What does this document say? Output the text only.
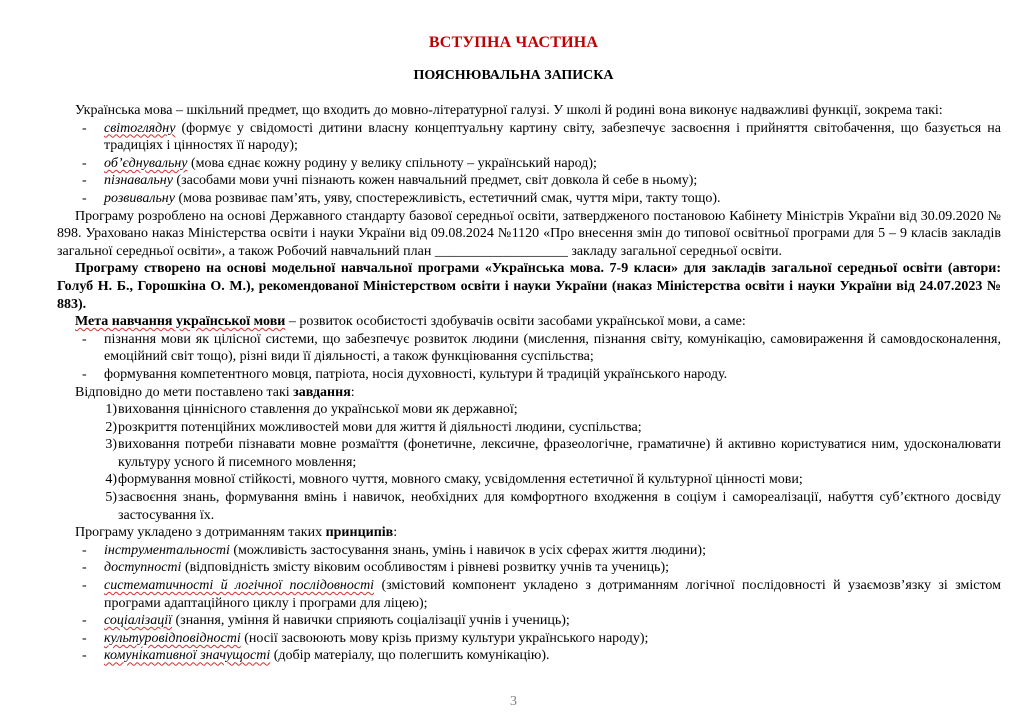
ВСТУПНА ЧАСТИНА
ПОЯСНЮВАЛЬНА ЗАПИСКА

Українська мова – шкільний предмет, що входить до мовно-літературної галузі. У школі й родині вона виконує надважливі функції, зокрема такі:

- світоглядну (формує у свідомості дитини власну концептуальну картину світу, забезпечує засвоєння і прийняття світобачення, що базується на традиціях і цінностях її народу);
- об’єднувальну (мова єднає кожну родину у велику спільноту – український народ);
- пізнавальну (засобами мови учні пізнають кожен навчальний предмет, світ довкола й себе в ньому);
- розвивальну (мова розвиває пам’ять, уяву, спостережливість, естетичний смак, чуття міри, такту тощо).

Програму розроблено на основі Державного стандарту базової середньої освіти, затвердженого постановою Кабінету Міністрів України від 30.09.2020 № 898. Ураховано наказ Міністерства освіти і науки України від 09.08.2024 №1120 «Про внесення змін до типової освітньої програми для 5 – 9 класів закладів загальної середньої освіти», а також Робочий навчальний план ___________________ закладу загальної середньої освіти.

Програму створено на основі модельної навчальної програми «Українська мова. 7-9 класи» для закладів загальної середньої освіти (автори: Голуб Н. Б., Горошкіна О. М.), рекомендованої Міністерством освіти і науки України (наказ Міністерства освіти і науки України від 24.07.2023 № 883).

Мета навчання української мови – розвиток особистості здобувачів освіти засобами української мови, а саме:

- пізнання мови як цілісної системи, що забезпечує розвиток людини (мислення, пізнання світу, комунікацію, самовираження й самовдосконалення, емоційний світ тощо), різні види її діяльності, а також функціювання суспільства;
- формування компетентного мовця, патріота, носія духовності, культури й традицій українського народу.

Відповідно до мети поставлено такі завдання:

1) виховання ціннісного ставлення до української мови як державної;
2) розкриття потенційних можливостей мови для життя й діяльності людини, суспільства;
3) виховання потреби пізнавати мовне розмаїття (фонетичне, лексичне, фразеологічне, граматичне) й активно користуватися ним, удосконалювати культуру усного й писемного мовлення;
4) формування мовної стійкості, мовного чуття, мовного смаку, усвідомлення естетичної й культурної цінності мови;
5) засвоєння знань, формування вмінь і навичок, необхідних для комфортного входження в соціум і самореалізації, набуття суб’єктного досвіду застосування їх.

Програму укладено з дотриманням таких принципів:

- інструментальності (можливість застосування знань, умінь і навичок в усіх сферах життя людини);
- доступності (відповідність змісту віковим особливостям і рівневі розвитку учнів та учениць);
- систематичності й логічної послідовності (змістовий компонент укладено з дотриманням логічної послідовності й узаємозв’язку зі змістом програми адаптаційного циклу і програми для ліцею);
- соціалізації (знання, уміння й навички сприяють соціалізації учнів і учениць);
- культуровідповідності (носії засвоюють мову крізь призму культури українського народу);
- комунікативної значущості (добір матеріалу, що полегшить комунікацію).
3
